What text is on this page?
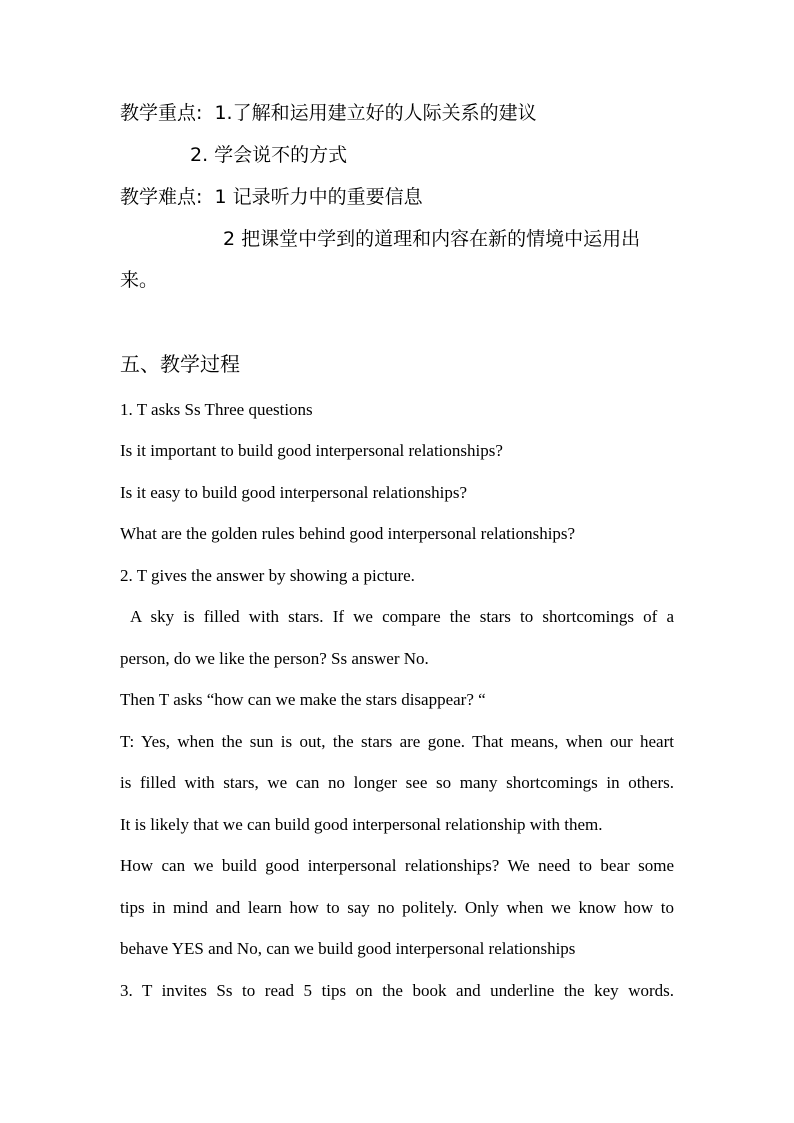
教学重点: 1.了解和运用建立好的人际关系的建议
2. 学会说不的方式
教学难点: 1 记录听力中的重要信息
2 把课堂中学到的道理和内容在新的情境中运用出
来。
五、教学过程
1. T asks Ss Three questions
Is it important to build good interpersonal relationships?
Is it easy to build good interpersonal relationships?
What are the golden rules behind good interpersonal relationships?
2. T gives the answer by showing a picture.
A sky is filled with stars. If we compare the stars to shortcomings of a
person, do we like the person? Ss answer No.
Then T asks “how can we make the stars disappear? “
T: Yes, when the sun is out, the stars are gone. That means, when our heart
is filled with stars, we can no longer see so many shortcomings in others.
It is likely that we can build good interpersonal relationship with them.
How can we build good interpersonal relationships? We need to bear some
tips in mind and learn how to say no politely. Only when we know how to
behave YES and No, can we build good interpersonal relationships
3. T invites Ss to read 5 tips on the book and underline the key words.
